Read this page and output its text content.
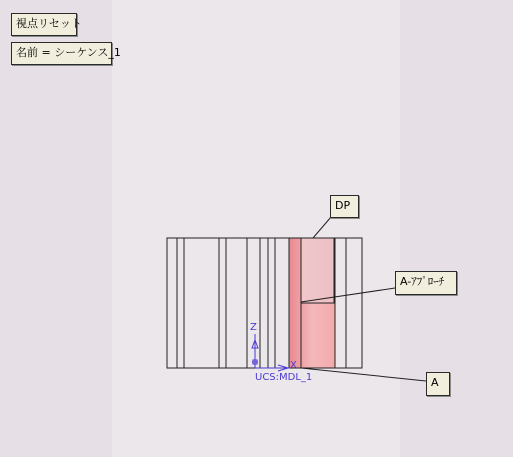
Z
X
UCS:MDL_1
視点リセット
名前 = シーケンス_1
DP
A-ｱﾌﾟﾛｰﾁ
A
